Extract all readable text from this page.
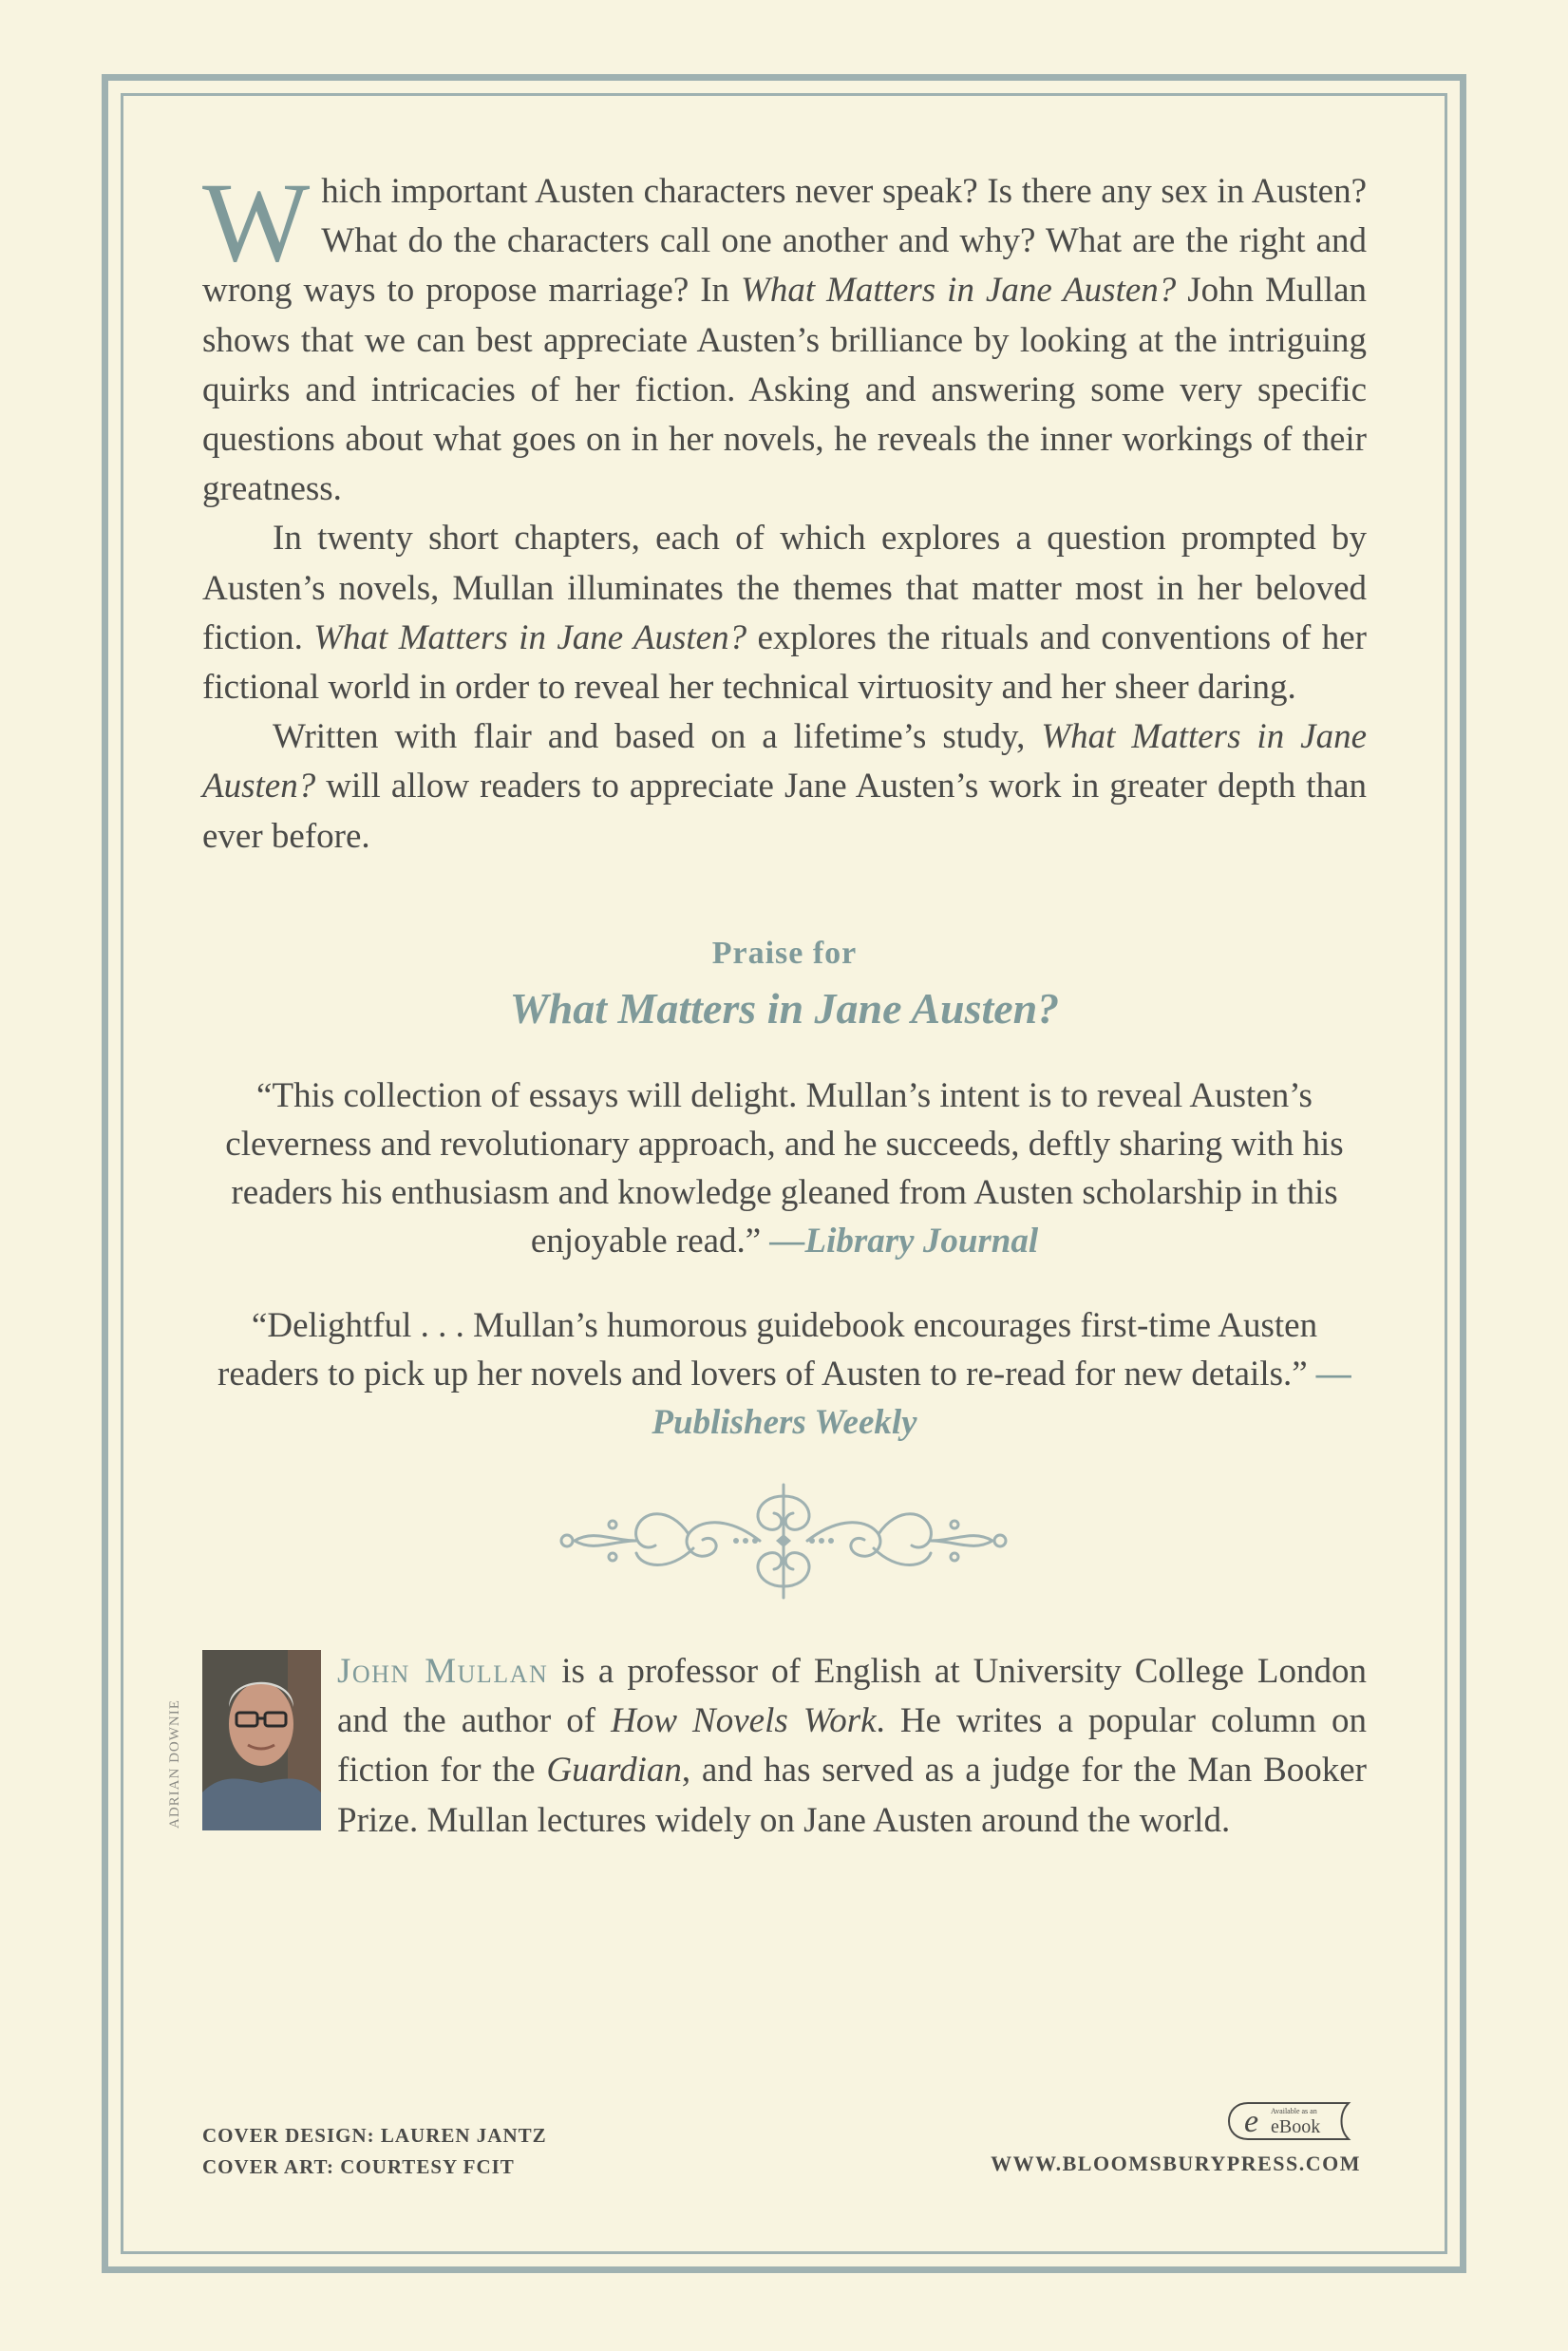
Which important Austen characters never speak? Is there any sex in Austen? What do the characters call one another and why? What are the right and wrong ways to propose marriage? In What Matters in Jane Austen? John Mullan shows that we can best appreciate Austen’s brilliance by looking at the intriguing quirks and intricacies of her fiction. Asking and answering some very specific questions about what goes on in her novels, he reveals the inner workings of their greatness.

In twenty short chapters, each of which explores a question prompted by Austen’s novels, Mullan illuminates the themes that matter most in her beloved fiction. What Matters in Jane Austen? explores the rituals and conventions of her fictional world in order to reveal her technical virtuosity and her sheer daring.

Written with flair and based on a lifetime’s study, What Matters in Jane Austen? will allow readers to appreciate Jane Austen’s work in greater depth than ever before.

Praise for
What Matters in Jane Austen?
“This collection of essays will delight. Mullan’s intent is to reveal Austen’s cleverness and revolutionary approach, and he succeeds, deftly sharing with his readers his enthusiasm and knowledge gleaned from Austen scholarship in this enjoyable read.” —Library Journal
“Delightful . . . Mullan’s humorous guidebook encourages first-time Austen readers to pick up her novels and lovers of Austen to re-read for new details.” —Publishers Weekly
ADRIAN DOWNIE

John Mullan is a professor of English at University College London and the author of How Novels Work. He writes a popular column on fiction for the Guardian, and has served as a judge for the Man Booker Prize. Mullan lectures widely on Jane Austen around the world.

COVER DESIGN: LAUREN JANTZ
COVER ART: COURTESY FCIT
e Available as an
eBook
WWW.BLOOMSBURYPRESS.COM
